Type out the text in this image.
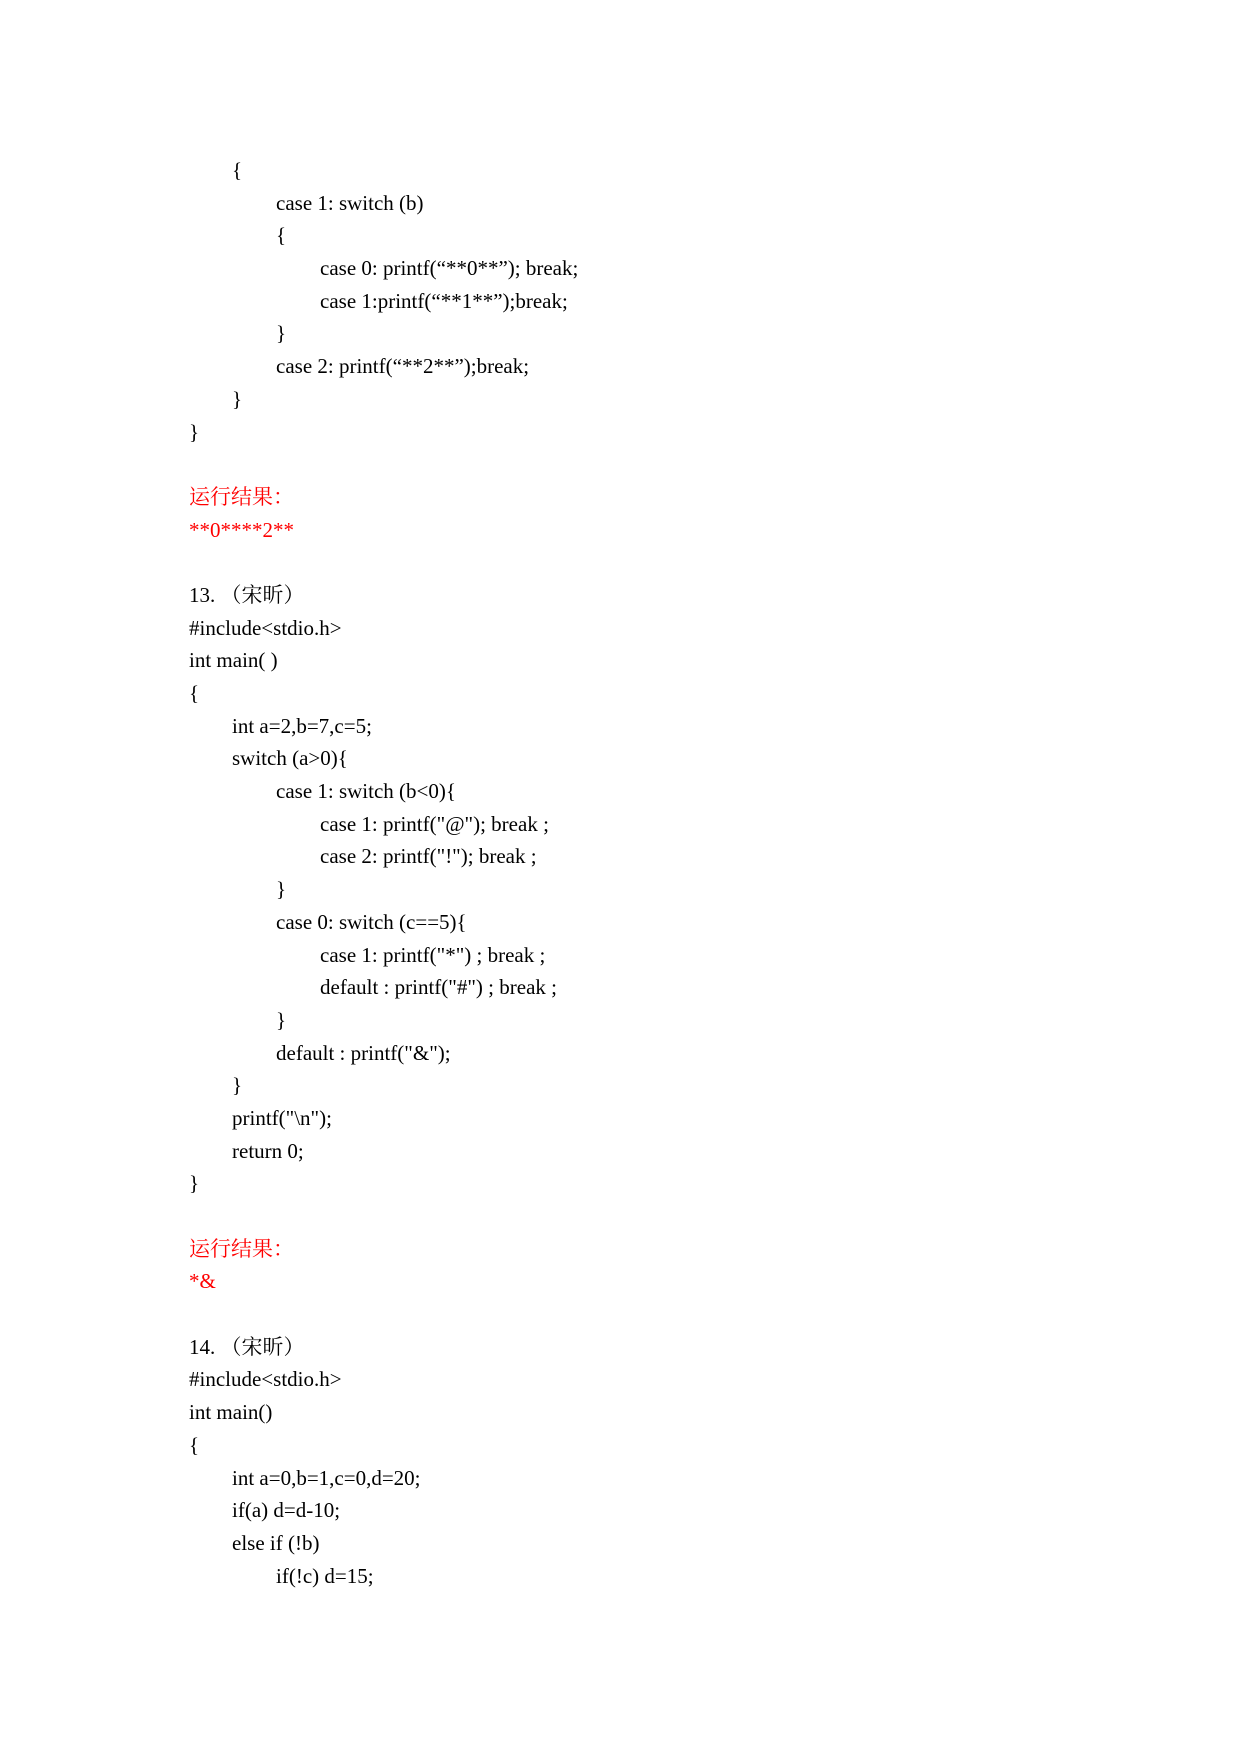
{
case 1: switch (b)
{
case 0: printf(“**0**”); break;
case 1:printf(“**1**”);break;
}
case 2: printf(“**2**”);break;
}
}
运行结果：
**0****2**
13. （宋昕）
#include<stdio.h>
int main( )
{
int a=2,b=7,c=5;
switch (a>0){
case 1: switch (b<0){
case 1: printf("@"); break ;
case 2: printf("!"); break ;
}
case 0: switch (c==5){
case 1: printf("*") ; break ;
default : printf("#") ; break ;
}
default : printf("&");
}
printf("\n");
return 0;
}
运行结果：
*&
14. （宋昕）
#include<stdio.h>
int main()
{
int a=0,b=1,c=0,d=20;
if(a) d=d-10;
else if (!b)
if(!c) d=15;
